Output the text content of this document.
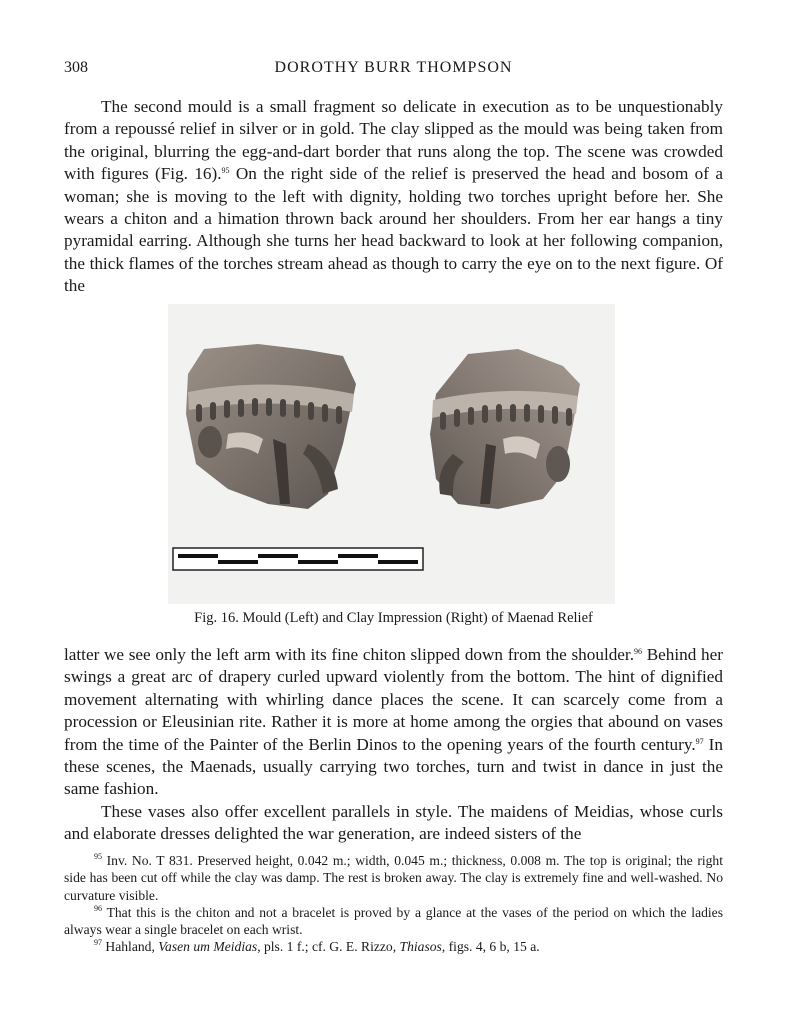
308	DOROTHY BURR THOMPSON

The second mould is a small fragment so delicate in execution as to be unquestionably from a repoussé relief in silver or in gold. The clay slipped as the mould was being taken from the original, blurring the egg-and-dart border that runs along the top. The scene was crowded with figures (Fig. 16).$^{95}$ On the right side of the relief is preserved the head and bosom of a woman; she is moving to the left with dignity, holding two torches upright before her. She wears a chiton and a himation thrown back around her shoulders. From her ear hangs a tiny pyramidal earring. Although she turns her head backward to look at her following companion, the thick flames of the torches stream ahead as though to carry the eye on to the next figure. Of the

Fig. 16. Mould (Left) and Clay Impression (Right) of Maenad Relief

latter we see only the left arm with its fine chiton slipped down from the shoulder.$^{96}$ Behind her swings a great arc of drapery curled upward violently from the bottom. The hint of dignified movement alternating with whirling dance places the scene. It can scarcely come from a procession or Eleusinian rite. Rather it is more at home among the orgies that abound on vases from the time of the Painter of the Berlin Dinos to the opening years of the fourth century.$^{97}$ In these scenes, the Maenads, usually carrying two torches, turn and twist in dance in just the same fashion.

These vases also offer excellent parallels in style. The maidens of Meidias, whose curls and elaborate dresses delighted the war generation, are indeed sisters of the

$^{95}$ Inv. No. T 831. Preserved height, 0.042 m.; width, 0.045 m.; thickness, 0.008 m. The top is original; the right side has been cut off while the clay was damp. The rest is broken away. The clay is extremely fine and well-washed. No curvature visible.

$^{96}$ That this is the chiton and not a bracelet is proved by a glance at the vases of the period on which the ladies always wear a single bracelet on each wrist.

$^{97}$ Hahland, Vasen um Meidias, pls. 1 f.; cf. G. E. Rizzo, Thiasos, figs. 4, 6 b, 15 a.
